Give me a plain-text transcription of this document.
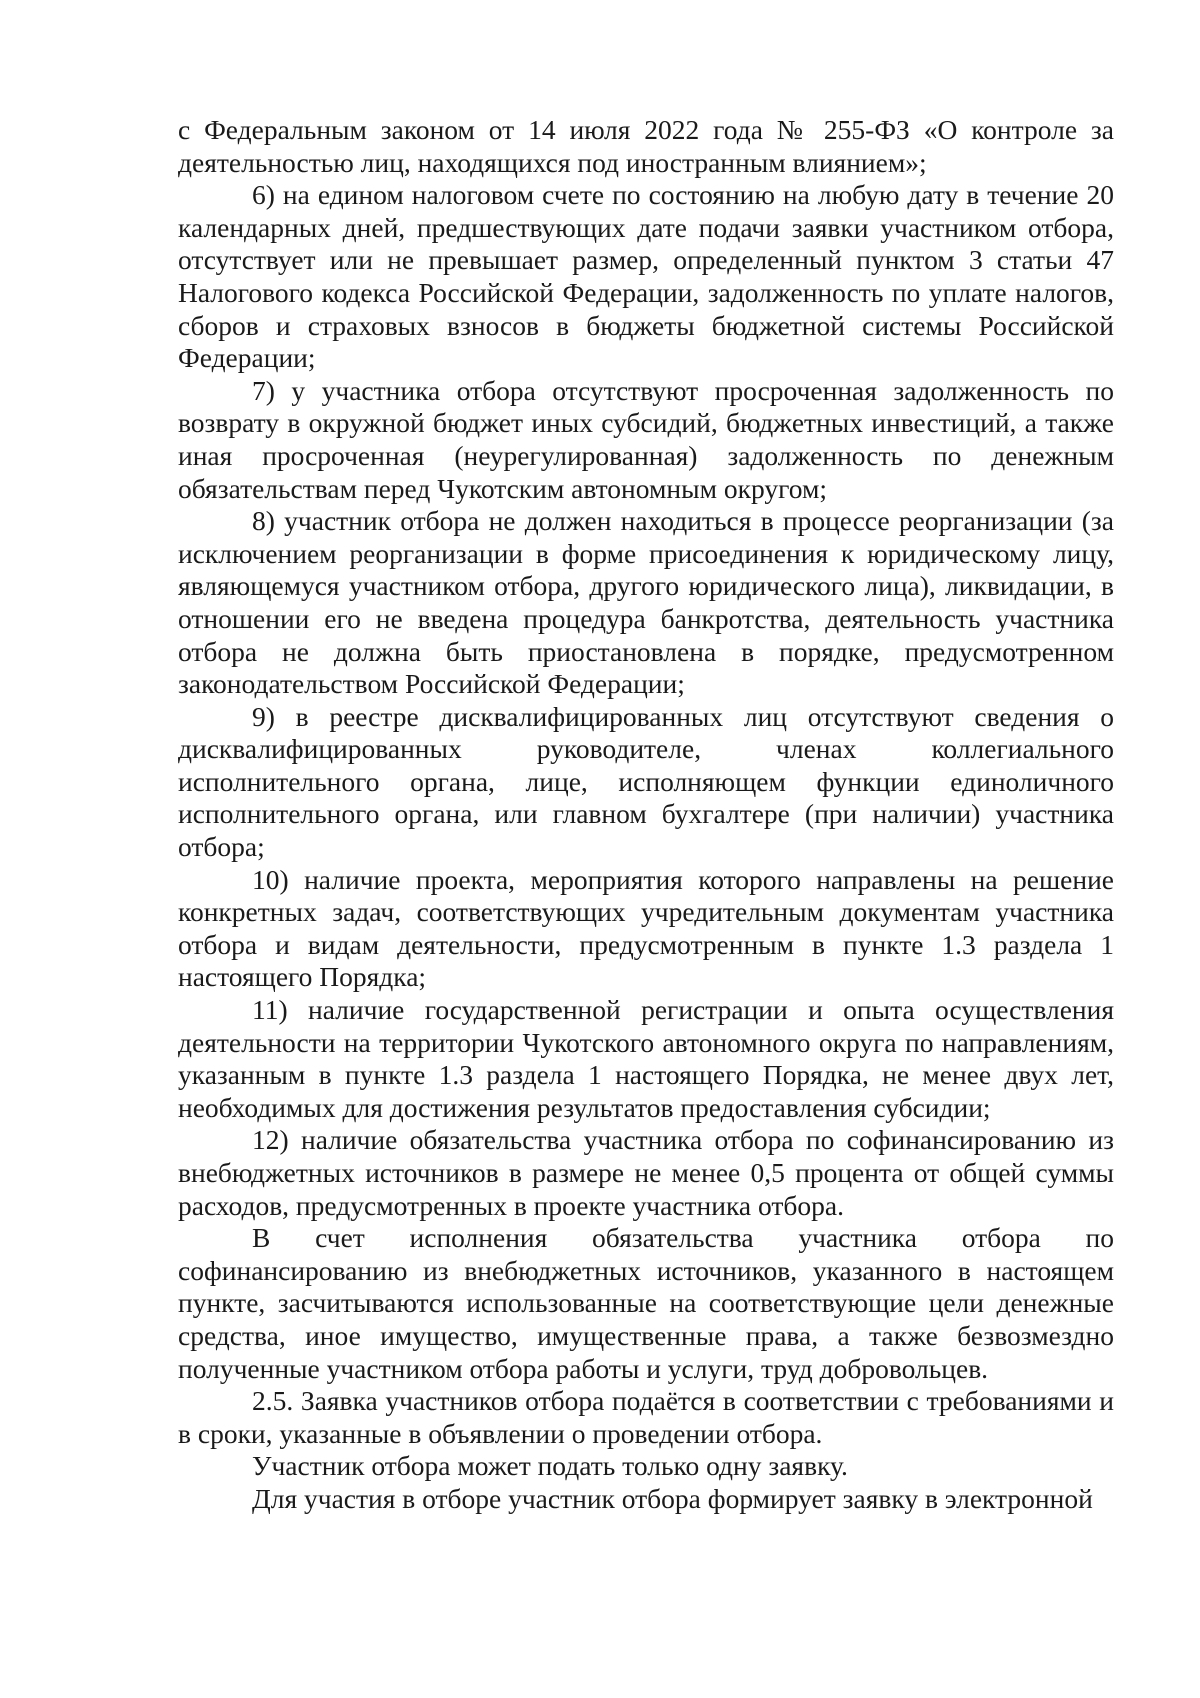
с Федеральным законом от 14 июля 2022 года № 255-ФЗ «О контроле за деятельностью лиц, находящихся под иностранным влиянием»;

6) на едином налоговом счете по состоянию на любую дату в течение 20 календарных дней, предшествующих дате подачи заявки участником отбора, отсутствует или не превышает размер, определенный пунктом 3 статьи 47 Налогового кодекса Российской Федерации, задолженность по уплате налогов, сборов и страховых взносов в бюджеты бюджетной системы Российской Федерации;

7) у участника отбора отсутствуют просроченная задолженность по возврату в окружной бюджет иных субсидий, бюджетных инвестиций, а также иная просроченная (неурегулированная) задолженность по денежным обязательствам перед Чукотским автономным округом;

8) участник отбора не должен находиться в процессе реорганизации (за исключением реорганизации в форме присоединения к юридическому лицу, являющемуся участником отбора, другого юридического лица), ликвидации, в отношении его не введена процедура банкротства, деятельность участника отбора не должна быть приостановлена в порядке, предусмотренном законодательством Российской Федерации;

9) в реестре дисквалифицированных лиц отсутствуют сведения о дисквалифицированных руководителе, членах коллегиального исполнительного органа, лице, исполняющем функции единоличного исполнительного органа, или главном бухгалтере (при наличии) участника отбора;

10) наличие проекта, мероприятия которого направлены на решение конкретных задач, соответствующих учредительным документам участника отбора и видам деятельности, предусмотренным в пункте 1.3 раздела 1 настоящего Порядка;

11) наличие государственной регистрации и опыта осуществления деятельности на территории Чукотского автономного округа по направлениям, указанным в пункте 1.3 раздела 1 настоящего Порядка, не менее двух лет, необходимых для достижения результатов предоставления субсидии;

12) наличие обязательства участника отбора по софинансированию из внебюджетных источников в размере не менее 0,5 процента от общей суммы расходов, предусмотренных в проекте участника отбора.

В счет исполнения обязательства участника отбора по софинансированию из внебюджетных источников, указанного в настоящем пункте, засчитываются использованные на соответствующие цели денежные средства, иное имущество, имущественные права, а также безвозмездно полученные участником отбора работы и услуги, труд добровольцев.

2.5. Заявка участников отбора подаётся в соответствии с требованиями и в сроки, указанные в объявлении о проведении отбора.

Участник отбора может подать только одну заявку.

Для участия в отборе участник отбора формирует заявку в электронной
